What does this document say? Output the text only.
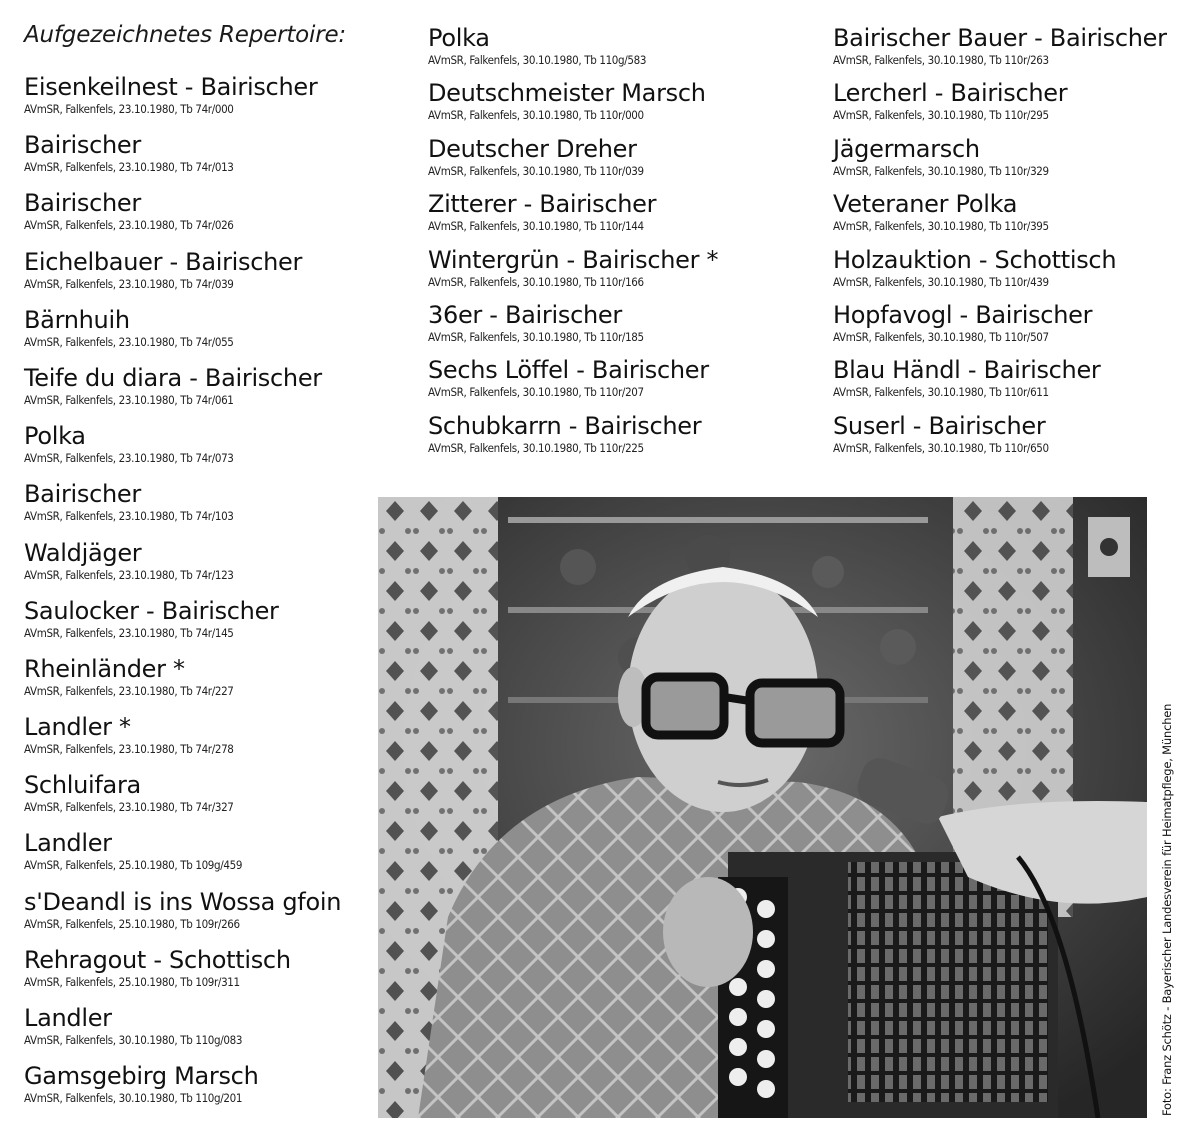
Aufgezeichnetes Repertoire:
Eisenkeilnest - Bairischer
AVmSR, Falkenfels, 23.10.1980, Tb 74r/000
Bairischer
AVmSR, Falkenfels, 23.10.1980, Tb 74r/013
Bairischer
AVmSR, Falkenfels, 23.10.1980, Tb 74r/026
Eichelbauer - Bairischer
AVmSR, Falkenfels, 23.10.1980, Tb 74r/039
Bärnhuih
AVmSR, Falkenfels, 23.10.1980, Tb 74r/055
Teife du diara - Bairischer
AVmSR, Falkenfels, 23.10.1980, Tb 74r/061
Polka
AVmSR, Falkenfels, 23.10.1980, Tb 74r/073
Bairischer
AVmSR, Falkenfels, 23.10.1980, Tb 74r/103
Waldjäger
AVmSR, Falkenfels, 23.10.1980, Tb 74r/123
Saulocker - Bairischer
AVmSR, Falkenfels, 23.10.1980, Tb 74r/145
Rheinländer *
AVmSR, Falkenfels, 23.10.1980, Tb 74r/227
Landler *
AVmSR, Falkenfels, 23.10.1980, Tb 74r/278
Schluifara
AVmSR, Falkenfels, 23.10.1980, Tb 74r/327
Landler
AVmSR, Falkenfels, 25.10.1980, Tb 109g/459
s'Deandl is ins Wossa gfoin
AVmSR, Falkenfels, 25.10.1980, Tb 109r/266
Rehragout - Schottisch
AVmSR, Falkenfels, 25.10.1980, Tb 109r/311
Landler
AVmSR, Falkenfels, 30.10.1980, Tb 110g/083
Gamsgebirg Marsch
AVmSR, Falkenfels, 30.10.1980, Tb 110g/201
Polka
AVmSR, Falkenfels, 30.10.1980, Tb 110g/583
Deutschmeister Marsch
AVmSR, Falkenfels, 30.10.1980, Tb 110r/000
Deutscher Dreher
AVmSR, Falkenfels, 30.10.1980, Tb 110r/039
Zitterer - Bairischer
AVmSR, Falkenfels, 30.10.1980, Tb 110r/144
Wintergrün - Bairischer *
AVmSR, Falkenfels, 30.10.1980, Tb 110r/166
36er - Bairischer
AVmSR, Falkenfels, 30.10.1980, Tb 110r/185
Sechs Löffel - Bairischer
AVmSR, Falkenfels, 30.10.1980, Tb 110r/207
Schubkarrn - Bairischer
AVmSR, Falkenfels, 30.10.1980, Tb 110r/225
Bairischer Bauer - Bairischer
AVmSR, Falkenfels, 30.10.1980, Tb 110r/263
Lercherl - Bairischer
AVmSR, Falkenfels, 30.10.1980, Tb 110r/295
Jägermarsch
AVmSR, Falkenfels, 30.10.1980, Tb 110r/329
Veteraner Polka
AVmSR, Falkenfels, 30.10.1980, Tb 110r/395
Holzauktion - Schottisch
AVmSR, Falkenfels, 30.10.1980, Tb 110r/439
Hopfavogl - Bairischer
AVmSR, Falkenfels, 30.10.1980, Tb 110r/507
Blau Händl - Bairischer
AVmSR, Falkenfels, 30.10.1980, Tb 110r/611
Suserl - Bairischer
AVmSR, Falkenfels, 30.10.1980, Tb 110r/650
Foto: Franz Schötz - Bayerischer Landesverein für Heimatpflege, München
